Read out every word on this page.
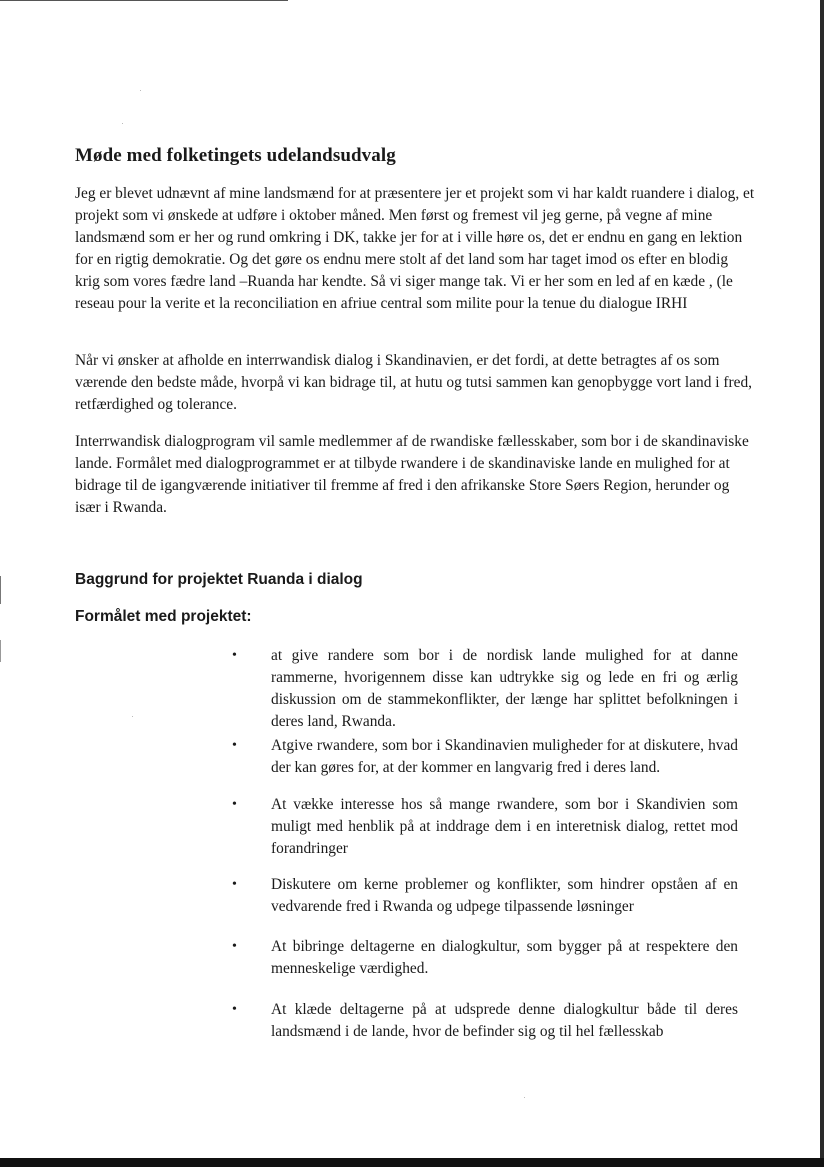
Møde med folketingets udelandsudvalg

Jeg er blevet udnævnt af mine landsmænd for at præsentere jer et projekt som vi har kaldt ruandere i dialog, et projekt som vi ønskede at udføre i oktober måned. Men først og fremest vil jeg gerne, på vegne af mine landsmænd som er her og rund omkring i DK, takke jer for at i ville høre os, det er endnu en gang en lektion for en rigtig demokratie. Og det gøre os endnu mere stolt af det land som har taget imod os efter en blodig krig som vores fædre land –Ruanda har kendte. Så vi siger mange tak. Vi er her som en led af en kæde , (le reseau pour la verite et la reconciliation en afriue central som milite pour la tenue du dialogue IRHI

Når vi ønsker at afholde en interrwandisk dialog i Skandinavien, er det fordi, at dette betragtes af os som værende den bedste måde, hvorpå vi kan bidrage til, at hutu og tutsi sammen kan genopbygge vort land i fred, retfærdighed og tolerance.

Interrwandisk dialogprogram vil samle medlemmer af de rwandiske fællesskaber, som bor i de skandinaviske lande. Formålet med dialogprogrammet er at tilbyde rwandere i de skandinaviske lande en mulighed for at bidrage til de igangværende initiativer til fremme af fred i den afrikanske Store Søers Region, herunder og især i Rwanda.

Baggrund for projektet Ruanda i dialog
Formålet med projektet:
•	at give randere som bor i de nordisk lande mulighed for at danne rammerne, hvorigennem disse kan udtrykke sig og lede en fri og ærlig diskussion om de stammekonflikter, der længe har splittet befolkningen i deres land, Rwanda.
•	Atgive rwandere, som bor i Skandinavien muligheder for at diskutere, hvad der kan gøres for, at der kommer en langvarig fred i deres land.
•	At vække interesse hos så mange rwandere, som bor i Skandivien som muligt med henblik på at inddrage dem i en interetnisk dialog, rettet mod forandringer
•	Diskutere om kerne problemer og konflikter, som hindrer opståen af en vedvarende fred i Rwanda og udpege tilpassende løsninger
•	At bibringe deltagerne en dialogkultur, som bygger på at respektere den menneskelige værdighed.
•	At klæde deltagerne på at udsprede denne dialogkultur både til deres landsmænd i de lande, hvor de befinder sig og til hel fællesskab
